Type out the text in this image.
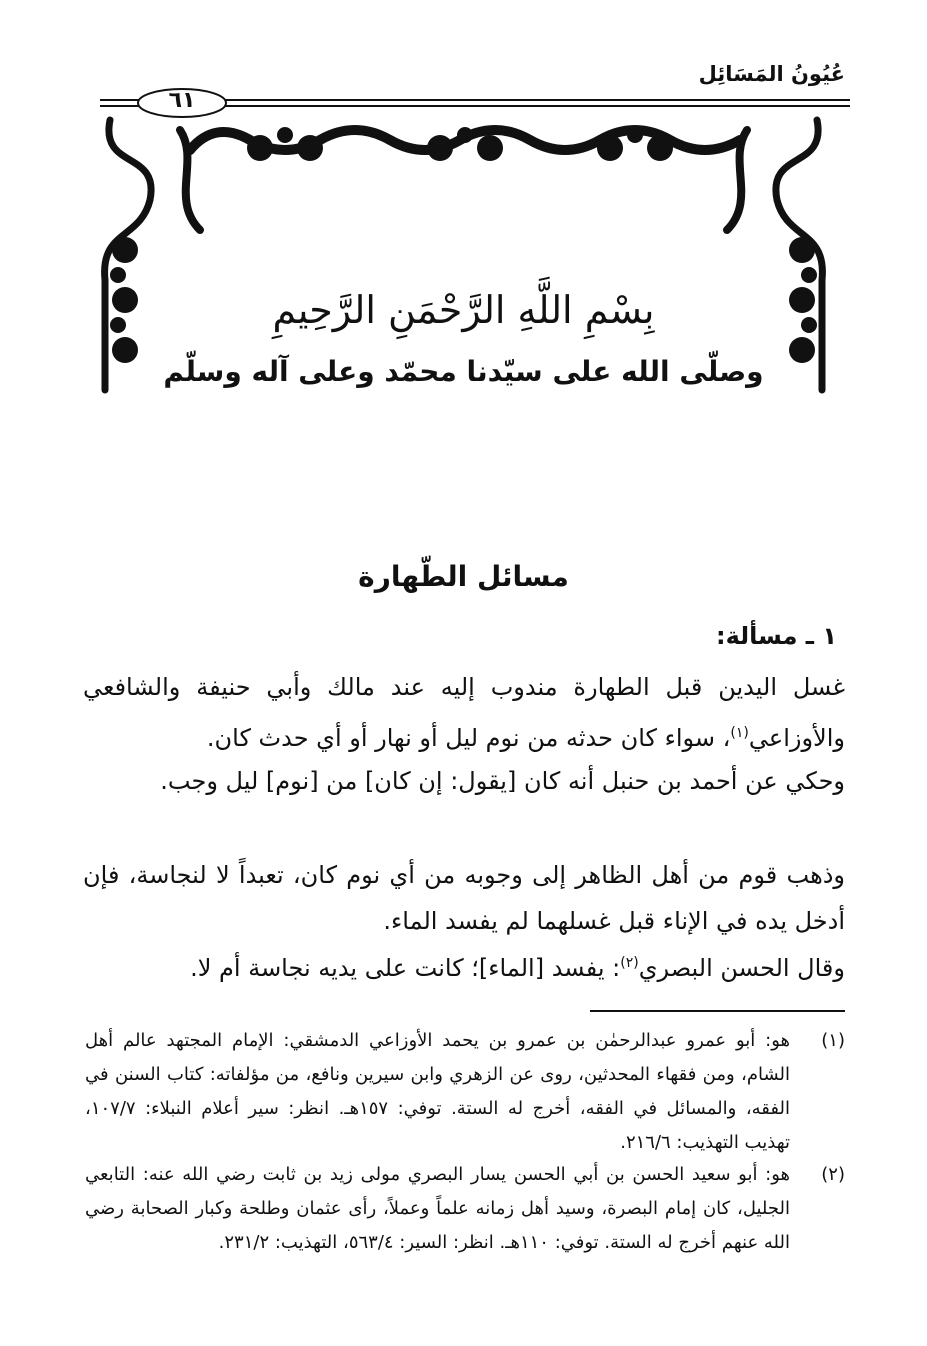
عُيُونُ المَسَائِل
٦١
بِسْمِ اللَّهِ الرَّحْمَنِ الرَّحِيمِ
وصلّى الله على سيّدنا محمّد وعلى آله وسلّم
مسائل الطّهارة
١ ـ مسألة:
غسل اليدين قبل الطهارة مندوب إليه عند مالك وأبي حنيفة والشافعي والأوزاعي$^{(١)}$، سواء كان حدثه من نوم ليل أو نهار أو أي حدث كان.
وحكي عن أحمد بن حنبل أنه كان [يقول: إن كان] من [نوم] ليل وجب.
وذهب قوم من أهل الظاهر إلى وجوبه من أي نوم كان، تعبداً لا لنجاسة، فإن أدخل يده في الإناء قبل غسلهما لم يفسد الماء.
وقال الحسن البصري$^{(٢)}$: يفسد [الماء]؛ كانت على يديه نجاسة أم لا.
(١)
هو: أبو عمرو عبدالرحمٰن بن عمرو بن يحمد الأوزاعي الدمشقي: الإمام المجتهد عالم أهل الشام، ومن فقهاء المحدثين، روى عن الزهري وابن سيرين ونافع، من مؤلفاته: كتاب السنن في الفقه، والمسائل في الفقه، أخرج له الستة. توفي: ١٥٧هـ. انظر: سير أعلام النبلاء: ١٠٧/٧، تهذيب التهذيب: ٢١٦/٦.
(٢)
هو: أبو سعيد الحسن بن أبي الحسن يسار البصري مولى زيد بن ثابت رضي الله عنه: التابعي الجليل، كان إمام البصرة، وسيد أهل زمانه علماً وعملاً، رأى عثمان وطلحة وكبار الصحابة رضي الله عنهم أخرج له الستة. توفي: ١١٠هـ. انظر: السير: ٥٦٣/٤، التهذيب: ٢٣١/٢.
